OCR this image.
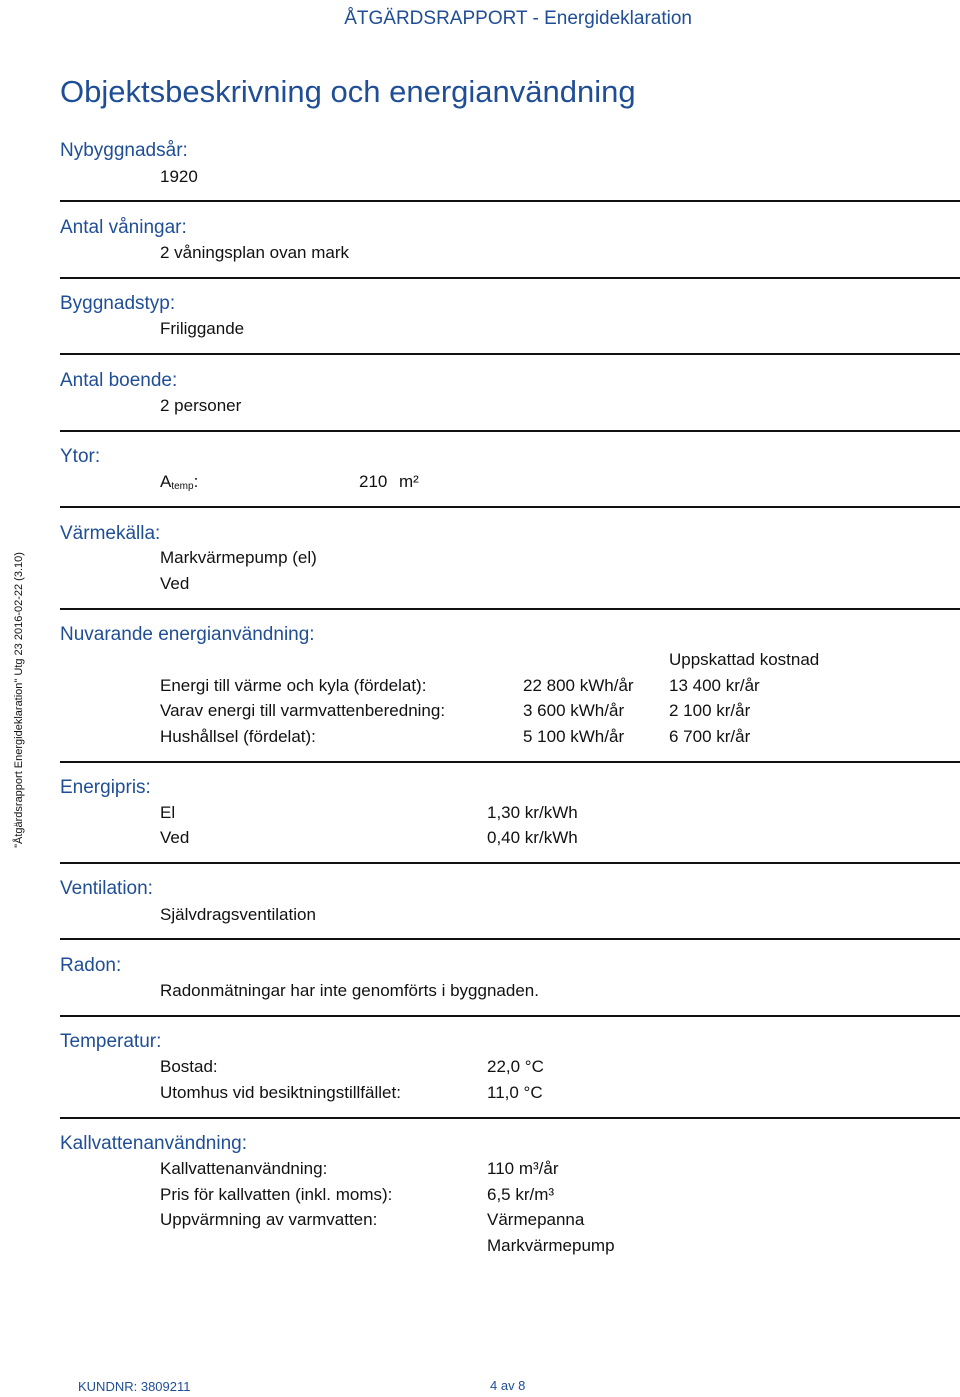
ÅTGÄRDSRAPPORT - Energideklaration
Objektsbeskrivning och energianvändning
"Åtgärdsrapport Energideklaration" Utg 23 2016-02-22 (3.10)
Nybyggnadsår:
1920
Antal våningar:
2 våningsplan ovan mark
Byggnadstyp:
Friliggande
Antal boende:
2 personer
Ytor:
$A_{temp}$:	210 m²
Värmekälla:
Markvärmepump (el)
Ved
Nuvarande energianvändning:
Uppskattad kostnad
Energi till värme och kyla (fördelat):	22 800 kWh/år 13 400 kr/år
Varav energi till varmvattenberedning:	3 600 kWh/år	2 100 kr/år
Hushållsel (fördelat):	5 100 kWh/år	6 700 kr/år
Energipris:
El	1,30 kr/kWh
Ved	0,40 kr/kWh
Ventilation:
Självdragsventilation
Radon:
Radonmätningar har inte genomförts i byggnaden.
Temperatur:
Bostad:	22,0 °C
Utomhus vid besiktningstillfället:	11,0 °C
Kallvattenanvändning:
Kallvattenanvändning:	110 m³/år
Pris för kallvatten (inkl. moms):	6,5 kr/m³
Uppvärmning av varmvatten:	Värmepanna
Markvärmepump
KUNDNR: 3809211	4 av 8
